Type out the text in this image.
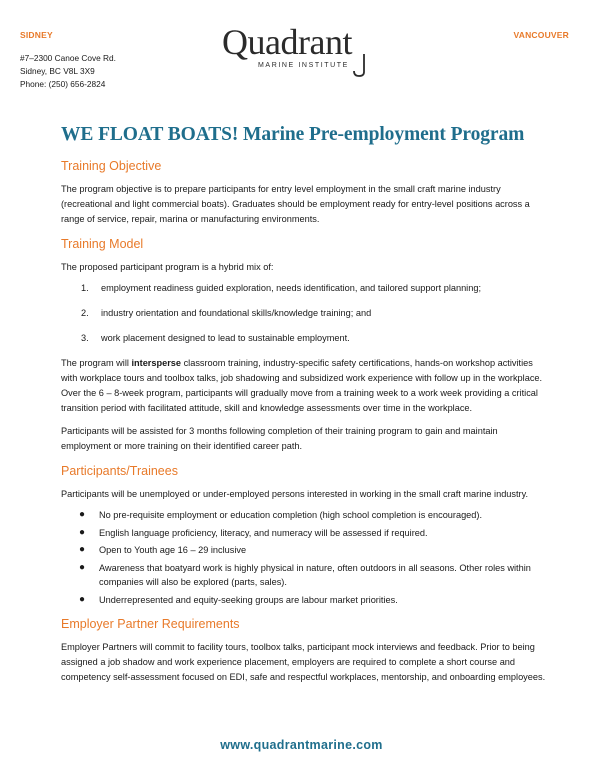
SIDNEY	VANCOUVER
#7–2300 Canoe Cove Rd.
Sidney, BC V8L 3X9
Phone: (250) 656-2824
Quadrant
MARINE INSTITUTE
WE FLOAT BOATS! Marine Pre-employment Program
Training Objective

The program objective is to prepare participants for entry level employment in the small craft marine industry (recreational and light commercial boats). Graduates should be employment ready for entry-level positions across a range of service, repair, marina or manufacturing environments.

Training Model

The proposed participant program is a hybrid mix of:

1.	employment readiness guided exploration, needs identification, and tailored support planning;
2.	industry orientation and foundational skills/knowledge training; and
3.	work placement designed to lead to sustainable employment.

The program will intersperse classroom training, industry-specific safety certifications, hands-on workshop activities with workplace tours and toolbox talks, job shadowing and subsidized work experience with follow up in the workplace. Over the 6 – 8-week program, participants will gradually move from a training week to a work week providing a critical transition period with facilitated attitude, skill and knowledge assessments over time in the workplace.

Participants will be assisted for 3 months following completion of their training program to gain and maintain employment or more training on their identified career path.

Participants/Trainees

Participants will be unemployed or under-employed persons interested in working in the small craft marine industry.

●	No pre-requisite employment or education completion (high school completion is encouraged).
●	English language proficiency, literacy, and numeracy will be assessed if required.
●	Open to Youth age 16 – 29 inclusive
●	Awareness that boatyard work is highly physical in nature, often outdoors in all seasons. Other roles within companies will also be explored (parts, sales).
●	Underrepresented and equity-seeking groups are labour market priorities.
Employer Partner Requirements

Employer Partners will commit to facility tours, toolbox talks, participant mock interviews and feedback. Prior to being assigned a job shadow and work experience placement, employers are required to complete a short course and competency self-assessment focused on EDI, safe and respectful workplaces, mentorship, and onboarding employees.

www.quadrantmarine.com
